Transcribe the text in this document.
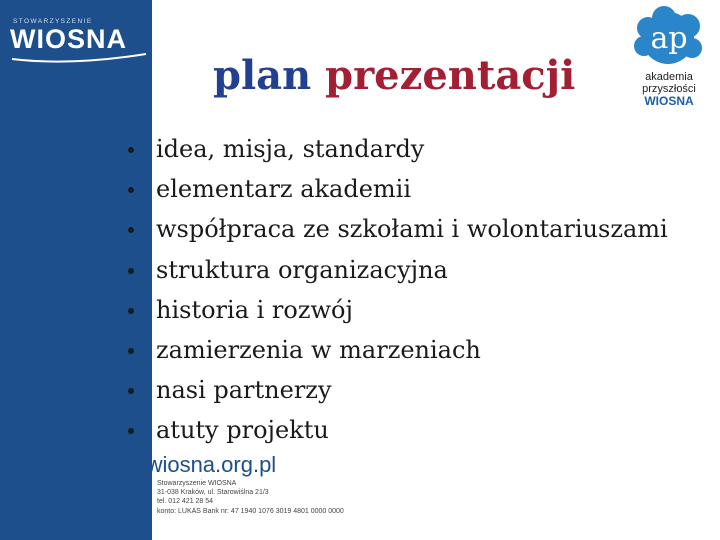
STOWARZYSZENIE
WIOSNA
plan prezentacji
ap
akademia
przyszłości
WIOSNA
idea, misja, standardy
elementarz akademii
współpraca ze szkołami i wolontariuszami
struktura organizacyjna
historia i rozwój
zamierzenia w marzeniach
nasi partnerzy
atuty projektu
www.wiosna.org.pl
Stowarzyszenie WIOSNA
31-038 Kraków, ul. Starowiślna 21/3
tel. 012 421 28 54
konto: LUKAS Bank nr: 47 1940 1076 3019 4801 0000 0000
